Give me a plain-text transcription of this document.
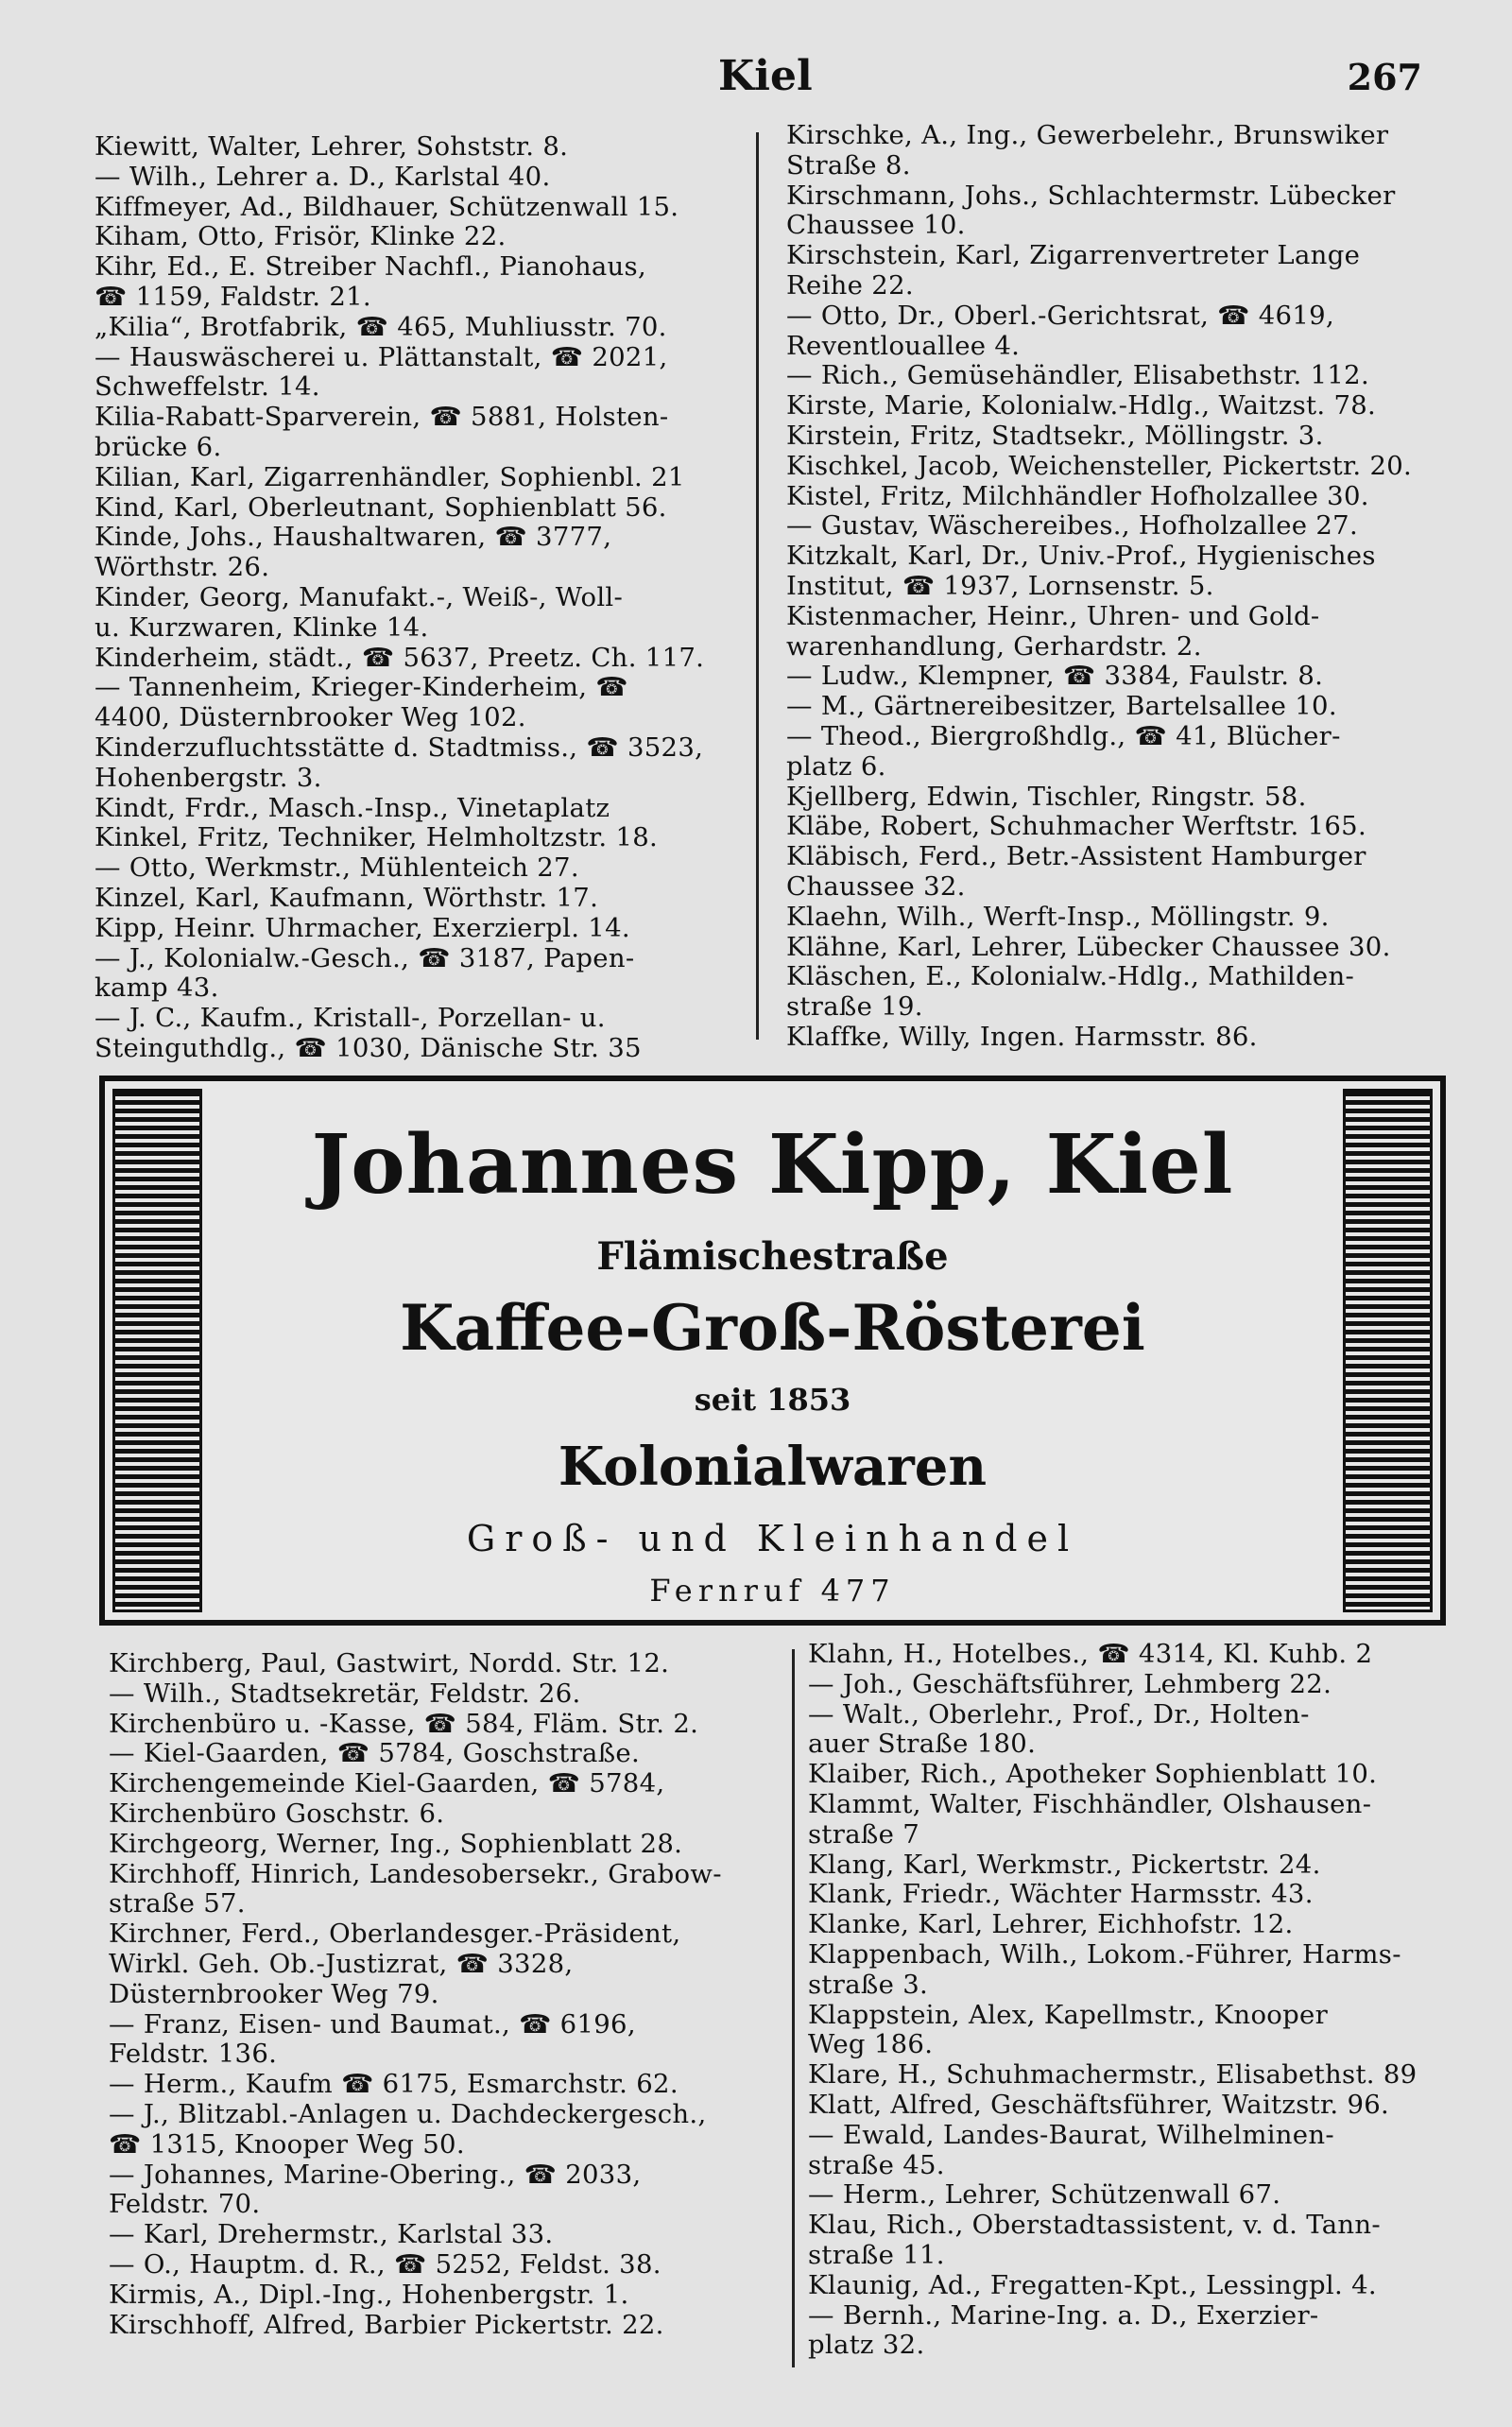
Kiel	267
Kiewitt, Walter, Lehrer, Sohststr. 8.
— Wilh., Lehrer a. D., Karlstal 40.
Kiffmeyer, Ad., Bildhauer, Schützenwall 15.
Kiham, Otto, Frisör, Klinke 22.
Kihr, Ed., E. Streiber Nachfl., Pianohaus,
☎ 1159, Faldstr. 21.
„Kilia“, Brotfabrik, ☎ 465, Muhliusstr. 70.
— Hauswäscherei u. Plättanstalt, ☎ 2021,
Schweffelstr. 14.
Kilia-Rabatt-Sparverein, ☎ 5881, Holsten-
brücke 6.
Kilian, Karl, Zigarrenhändler, Sophienbl. 21
Kind, Karl, Oberleutnant, Sophienblatt 56.
Kinde, Johs., Haushaltwaren, ☎ 3777,
Wörthstr. 26.
Kinder, Georg, Manufakt.-, Weiß-, Woll-
u. Kurzwaren, Klinke 14.
Kinderheim, städt., ☎ 5637, Preetz. Ch. 117.
— Tannenheim, Krieger-Kinderheim, ☎
4400, Düsternbrooker Weg 102.
Kinderzufluchtsstätte d. Stadtmiss., ☎ 3523,
Hohenbergstr. 3.
Kindt, Frdr., Masch.-Insp., Vinetaplatz
Kinkel, Fritz, Techniker, Helmholtzstr. 18.
— Otto, Werkmstr., Mühlenteich 27.
Kinzel, Karl, Kaufmann, Wörthstr. 17.
Kipp, Heinr. Uhrmacher, Exerzierpl. 14.
— J., Kolonialw.-Gesch., ☎ 3187, Papen-
kamp 43.
— J. C., Kaufm., Kristall-, Porzellan- u.
Steinguthdlg., ☎ 1030, Dänische Str. 35
Kirschke, A., Ing., Gewerbelehr., Brunswiker
Straße 8.
Kirschmann, Johs., Schlachtermstr. Lübecker
Chaussee 10.
Kirschstein, Karl, Zigarrenvertreter Lange
Reihe 22.
— Otto, Dr., Oberl.-Gerichtsrat, ☎ 4619,
Reventlouallee 4.
— Rich., Gemüsehändler, Elisabethstr. 112.
Kirste, Marie, Kolonialw.-Hdlg., Waitzst. 78.
Kirstein, Fritz, Stadtsekr., Möllingstr. 3.
Kischkel, Jacob, Weichensteller, Pickertstr. 20.
Kistel, Fritz, Milchhändler Hofholzallee 30.
— Gustav, Wäschereibes., Hofholzallee 27.
Kitzkalt, Karl, Dr., Univ.-Prof., Hygienisches
Institut, ☎ 1937, Lornsenstr. 5.
Kistenmacher, Heinr., Uhren- und Gold-
warenhandlung, Gerhardstr. 2.
— Ludw., Klempner, ☎ 3384, Faulstr. 8.
— M., Gärtnereibesitzer, Bartelsallee 10.
— Theod., Biergroßhdlg., ☎ 41, Blücher-
platz 6.
Kjellberg, Edwin, Tischler, Ringstr. 58.
Kläbe, Robert, Schuhmacher Werftstr. 165.
Kläbisch, Ferd., Betr.-Assistent Hamburger
Chaussee 32.
Klaehn, Wilh., Werft-Insp., Möllingstr. 9.
Klähne, Karl, Lehrer, Lübecker Chaussee 30.
Kläschen, E., Kolonialw.-Hdlg., Mathilden-
straße 19.
Klaffke, Willy, Ingen. Harmsstr. 86.
Johannes Kipp, Kiel
Flämischestraße
Kaffee-Groß-Rösterei
seit 1853
Kolonialwaren
Groß- und Kleinhandel
Fernruf 477
Kirchberg, Paul, Gastwirt, Nordd. Str. 12.
— Wilh., Stadtsekretär, Feldstr. 26.
Kirchenbüro u. -Kasse, ☎ 584, Fläm. Str. 2.
— Kiel-Gaarden, ☎ 5784, Goschstraße.
Kirchengemeinde Kiel-Gaarden, ☎ 5784,
Kirchenbüro Goschstr. 6.
Kirchgeorg, Werner, Ing., Sophienblatt 28.
Kirchhoff, Hinrich, Landesobersekr., Grabow-
straße 57.
Kirchner, Ferd., Oberlandesger.-Präsident,
Wirkl. Geh. Ob.-Justizrat, ☎ 3328,
Düsternbrooker Weg 79.
— Franz, Eisen- und Baumat., ☎ 6196,
Feldstr. 136.
— Herm., Kaufm ☎ 6175, Esmarchstr. 62.
— J., Blitzabl.-Anlagen u. Dachdeckergesch.,
☎ 1315, Knooper Weg 50.
— Johannes, Marine-Obering., ☎ 2033,
Feldstr. 70.
— Karl, Drehermstr., Karlstal 33.
— O., Hauptm. d. R., ☎ 5252, Feldst. 38.
Kirmis, A., Dipl.-Ing., Hohenbergstr. 1.
Kirschhoff, Alfred, Barbier Pickertstr. 22.
Klahn, H., Hotelbes., ☎ 4314, Kl. Kuhb. 2
— Joh., Geschäftsführer, Lehmberg 22.
— Walt., Oberlehr., Prof., Dr., Holten-
auer Straße 180.
Klaiber, Rich., Apotheker Sophienblatt 10.
Klammt, Walter, Fischhändler, Olshausen-
straße 7
Klang, Karl, Werkmstr., Pickertstr. 24.
Klank, Friedr., Wächter Harmsstr. 43.
Klanke, Karl, Lehrer, Eichhofstr. 12.
Klappenbach, Wilh., Lokom.-Führer, Harms-
straße 3.
Klappstein, Alex, Kapellmstr., Knooper
Weg 186.
Klare, H., Schuhmachermstr., Elisabethst. 89
Klatt, Alfred, Geschäftsführer, Waitzstr. 96.
— Ewald, Landes-Baurat, Wilhelminen-
straße 45.
— Herm., Lehrer, Schützenwall 67.
Klau, Rich., Oberstadtassistent, v. d. Tann-
straße 11.
Klaunig, Ad., Fregatten-Kpt., Lessingpl. 4.
— Bernh., Marine-Ing. a. D., Exerzier-
platz 32.
